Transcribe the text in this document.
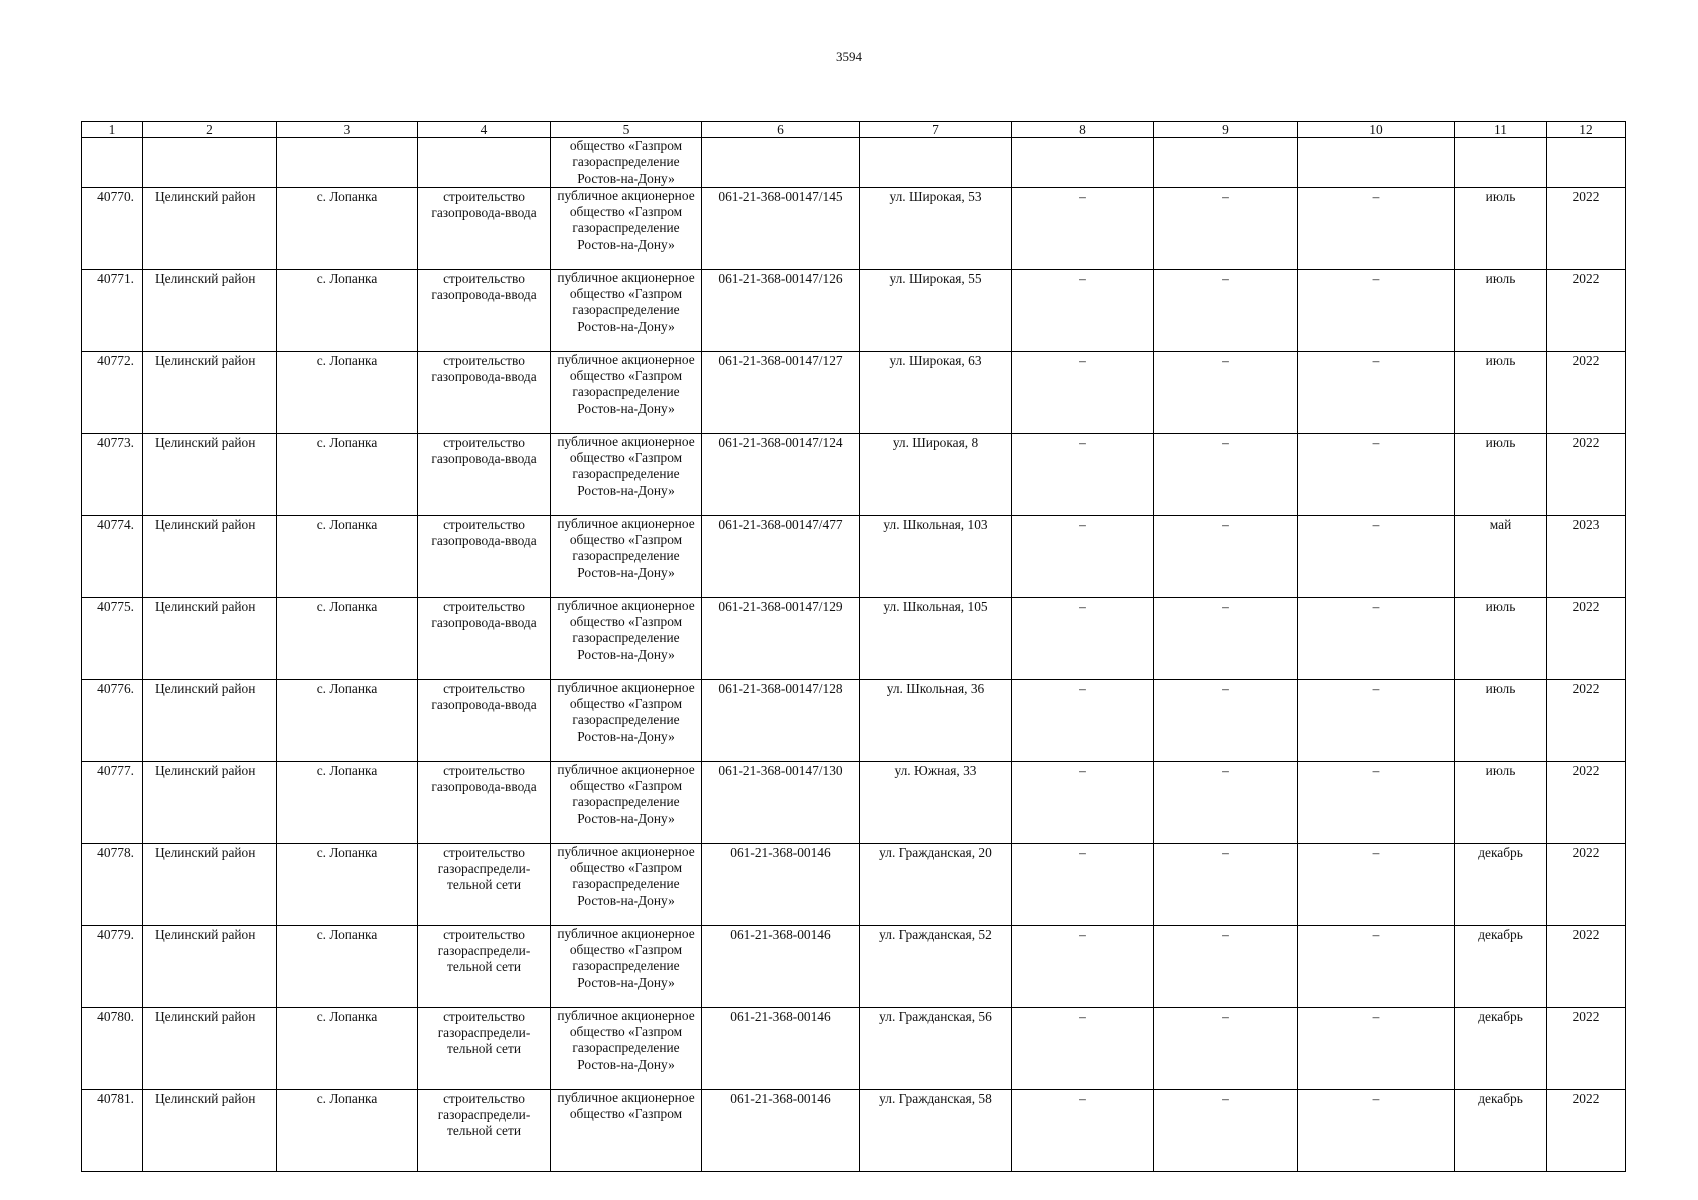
3594
1	2	3	4	5	6	7	8	9	10	11	12
				общество «Газпром газораспределение Ростов-на-Дону»							
40770.	Целинский район	с. Лопанка	строительство газопровода-ввода	публичное акционерное общество «Газпром газораспределение Ростов-на-Дону»	061-21-368-00147/145	ул. Широкая, 53	–	–	–	июль	2022
40771.	Целинский район	с. Лопанка	строительство газопровода-ввода	публичное акционерное общество «Газпром газораспределение Ростов-на-Дону»	061-21-368-00147/126	ул. Широкая, 55	–	–	–	июль	2022
40772.	Целинский район	с. Лопанка	строительство газопровода-ввода	публичное акционерное общество «Газпром газораспределение Ростов-на-Дону»	061-21-368-00147/127	ул. Широкая, 63	–	–	–	июль	2022
40773.	Целинский район	с. Лопанка	строительство газопровода-ввода	публичное акционерное общество «Газпром газораспределение Ростов-на-Дону»	061-21-368-00147/124	ул. Широкая, 8	–	–	–	июль	2022
40774.	Целинский район	с. Лопанка	строительство газопровода-ввода	публичное акционерное общество «Газпром газораспределение Ростов-на-Дону»	061-21-368-00147/477	ул. Школьная, 103	–	–	–	май	2023
40775.	Целинский район	с. Лопанка	строительство газопровода-ввода	публичное акционерное общество «Газпром газораспределение Ростов-на-Дону»	061-21-368-00147/129	ул. Школьная, 105	–	–	–	июль	2022
40776.	Целинский район	с. Лопанка	строительство газопровода-ввода	публичное акционерное общество «Газпром газораспределение Ростов-на-Дону»	061-21-368-00147/128	ул. Школьная, 36	–	–	–	июль	2022
40777.	Целинский район	с. Лопанка	строительство газопровода-ввода	публичное акционерное общество «Газпром газораспределение Ростов-на-Дону»	061-21-368-00147/130	ул. Южная, 33	–	–	–	июль	2022
40778.	Целинский район	с. Лопанка	строительство газораспредели-тельной сети	публичное акционерное общество «Газпром газораспределение Ростов-на-Дону»	061-21-368-00146	ул. Гражданская, 20	–	–	–	декабрь	2022
40779.	Целинский район	с. Лопанка	строительство газораспредели-тельной сети	публичное акционерное общество «Газпром газораспределение Ростов-на-Дону»	061-21-368-00146	ул. Гражданская, 52	–	–	–	декабрь	2022
40780.	Целинский район	с. Лопанка	строительство газораспредели-тельной сети	публичное акционерное общество «Газпром газораспределение Ростов-на-Дону»	061-21-368-00146	ул. Гражданская, 56	–	–	–	декабрь	2022
40781.	Целинский район	с. Лопанка	строительство газораспредели-тельной сети	публичное акционерное общество «Газпром	061-21-368-00146	ул. Гражданская, 58	–	–	–	декабрь	2022
